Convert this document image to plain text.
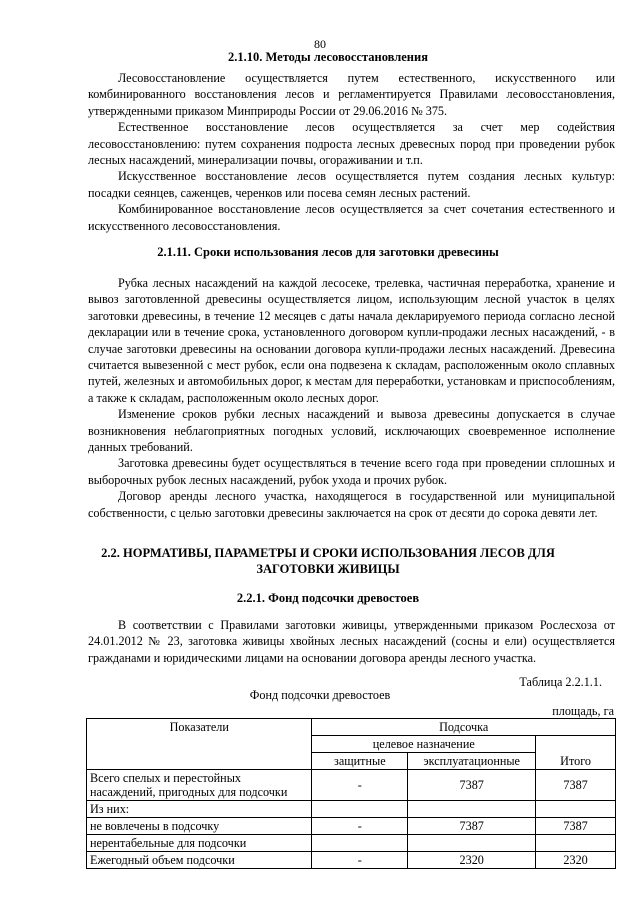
80
2.1.10. Методы лесовосстановления

Лесовосстановление осуществляется путем естественного, искусственного или комбинированного восстановления лесов и регламентируется Правилами лесовосстановления, утвержденными приказом Минприроды России от 29.06.2016 № 375.

Естественное восстановление лесов осуществляется за счет мер содействия лесовосстановлению: путем сохранения подроста лесных древесных пород при проведении рубок лесных насаждений, минерализации почвы, огораживании и т.п.

Искусственное восстановление лесов осуществляется путем создания лесных культур: посадки сеянцев, саженцев, черенков или посева семян лесных растений.

Комбинированное восстановление лесов осуществляется за счет сочетания естественного и искусственного лесовосстановления.

2.1.11. Сроки использования лесов для заготовки древесины

Рубка лесных насаждений на каждой лесосеке, трелевка, частичная переработка, хранение и вывоз заготовленной древесины осуществляется лицом, использующим лесной участок в целях заготовки древесины, в течение 12 месяцев с даты начала декларируемого периода согласно лесной декларации или в течение срока, установленного договором купли-продажи лесных насаждений, - в случае заготовки древесины на основании договора купли-продажи лесных насаждений. Древесина считается вывезенной с мест рубок, если она подвезена к складам, расположенным около сплавных путей, железных и автомобильных дорог, к местам для переработки, установкам и приспособлениям, а также к складам, расположенным около лесных дорог.

Изменение сроков рубки лесных насаждений и вывоза древесины допускается в случае возникновения неблагоприятных погодных условий, исключающих своевременное исполнение данных требований.

Заготовка древесины будет осуществляться в течение всего года при проведении сплошных и выборочных рубок лесных насаждений, рубок ухода и прочих рубок.

Договор аренды лесного участка, находящегося в государственной или муниципальной собственности, с целью заготовки древесины заключается на срок от десяти до сорока девяти лет.

2.2. НОРМАТИВЫ, ПАРАМЕТРЫ И СРОКИ ИСПОЛЬЗОВАНИЯ ЛЕСОВ ДЛЯ ЗАГОТОВКИ ЖИВИЦЫ
2.2.1. Фонд подсочки древостоев

В соответствии с Правилами заготовки живицы, утвержденными приказом Рослесхоза от 24.01.2012 № 23, заготовка живицы хвойных лесных насаждений (сосны и ели) осуществляется гражданами и юридическими лицами на основании договора аренды лесного участка.

Таблица 2.2.1.1.
Фонд подсочки древостоев
площадь, га
Показатели	Подсочка		
	целевое назначение		Итого
	защитные	эксплуатационные	
Всего спелых и перестойных насаждений, пригодных для подсочки	-	7387	7387
Из них:			
не вовлечены в подсочку	-	7387	7387
нерентабельные для подсочки			
Ежегодный объем подсочки	-	2320	2320
